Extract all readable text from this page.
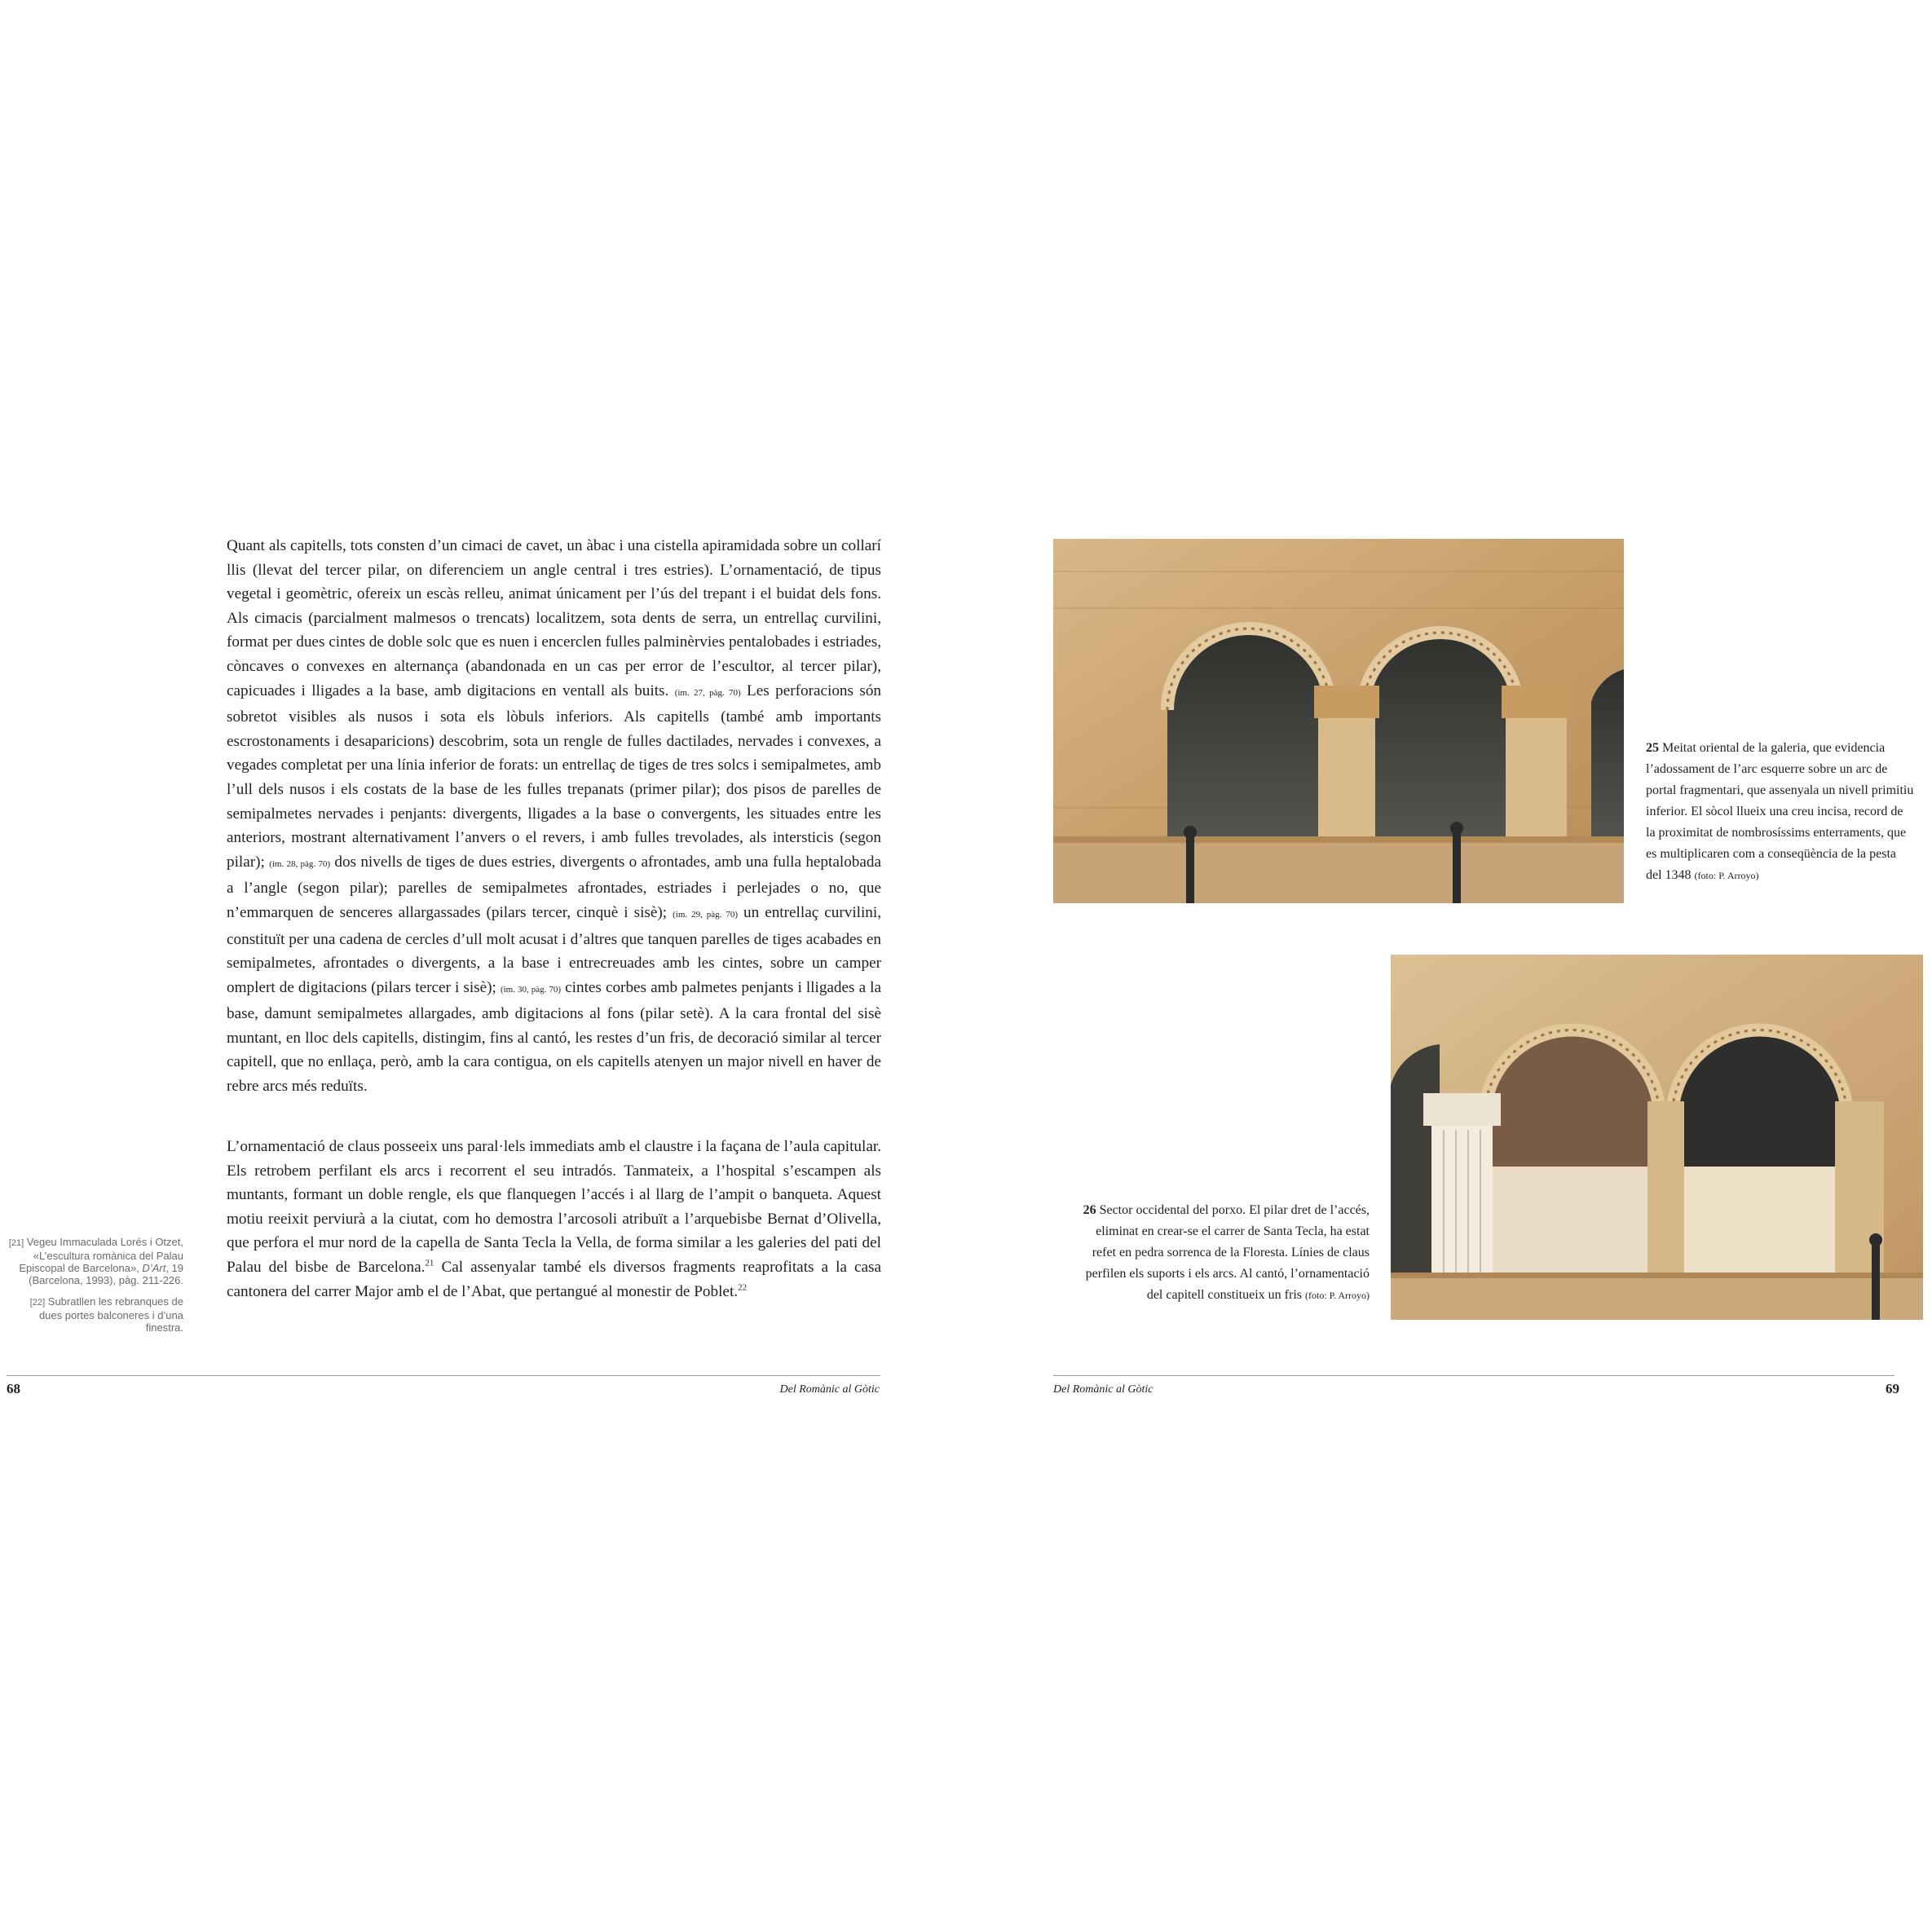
Quant als capitells, tots consten d’un cimaci de cavet, un àbac i una cistella apiramidada sobre un collarí llis (llevat del tercer pilar, on diferenciem un angle central i tres estries). L’ornamentació, de tipus vegetal i geomètric, ofereix un escàs relleu, animat únicament per l’ús del trepant i el buidat dels fons. Als cimacis (parcialment malmesos o trencats) localitzem, sota dents de serra, un entrellaç curvilini, format per dues cintes de doble solc que es nuen i encerclen fulles palminèrvies pentalobades i estriades, còncaves o convexes en alternança (abandonada en un cas per error de l’escultor, al tercer pilar), capicuades i lligades a la base, amb digitacions en ventall als buits. (im. 27, pàg. 70) Les perforacions són sobretot visibles als nusos i sota els lòbuls inferiors. Als capitells (també amb importants escrostonaments i desaparicions) descobrim, sota un rengle de fulles dactilades, nervades i convexes, a vegades completat per una línia inferior de forats: un entrellaç de tiges de tres solcs i semipalmetes, amb l’ull dels nusos i els costats de la base de les fulles trepanats (primer pilar); dos pisos de parelles de semipalmetes nervades i penjants: divergents, lligades a la base o convergents, les situades entre les anteriors, mostrant alternativament l’anvers o el revers, i amb fulles trevolades, als intersticis (segon pilar); (im. 28, pàg. 70) dos nivells de tiges de dues estries, divergents o afrontades, amb una fulla heptalobada a l’angle (segon pilar); parelles de semipalmetes afrontades, estriades i perlejades o no, que n’emmarquen de senceres allargassades (pilars tercer, cinquè i sisè); (im. 29, pàg. 70) un entrellaç curvilini, constituït per una cadena de cercles d’ull molt acusat i d’altres que tanquen parelles de tiges acabades en semipalmetes, afrontades o divergents, a la base i entrecreuades amb les cintes, sobre un camper omplert de digitacions (pilars tercer i sisè); (im. 30, pàg. 70) cintes corbes amb palmetes penjants i lligades a la base, damunt semipalmetes allargades, amb digitacions al fons (pilar setè). A la cara frontal del sisè muntant, en lloc dels capitells, distingim, fins al cantó, les restes d’un fris, de decoració similar al tercer capitell, que no enllaça, però, amb la cara contigua, on els capitells atenyen un major nivell en haver de rebre arcs més reduïts.

L’ornamentació de claus posseeix uns paral·lels immediats amb el claustre i la façana de l’aula capitular. Els retrobem perfilant els arcs i recorrent el seu intradós. Tanmateix, a l’hospital s’escampen als muntants, formant un doble rengle, els que flanquegen l’accés i al llarg de l’ampit o banqueta. Aquest motiu reeixit perviurà a la ciutat, com ho demostra l’arcosoli atribuït a l’arquebisbe Bernat d’Olivella, que perfora el mur nord de la capella de Santa Tecla la Vella, de forma similar a les galeries del pati del Palau del bisbe de Barcelona.$^{21}$ Cal assenyalar també els diversos fragments reaprofitats a la casa cantonera del carrer Major amb el de l’Abat, que pertangué al monestir de Poblet.$^{22}$

[21] Vegeu Immaculada Lorés i Otzet, «L’escultura romànica del Palau Episcopal de Barcelona», D’Art, 19 (Barcelona, 1993), pàg. 211-226.
[22] Subratllen les rebranques de dues portes balconeres i d’una finestra.
68	Del Romànic al Gòtic	Del Romànic al Gòtic	69
25 Meitat oriental de la galeria, que evidencia l’adossament de l’arc esquerre sobre un arc de portal fragmentari, que assenyala un nivell primitiu inferior. El sòcol llueix una creu incisa, record de la proximitat de nombrosíssims enterraments, que es multiplicaren com a conseqüència de la pesta del 1348 (foto: P. Arroyo)
26 Sector occidental del porxo. El pilar dret de l’accés, eliminat en crear-se el carrer de Santa Tecla, ha estat refet en pedra sorrenca de la Floresta. Línies de claus perfilen els suports i els arcs. Al cantó, l’ornamentació del capitell constitueix un fris (foto: P. Arroyo)
